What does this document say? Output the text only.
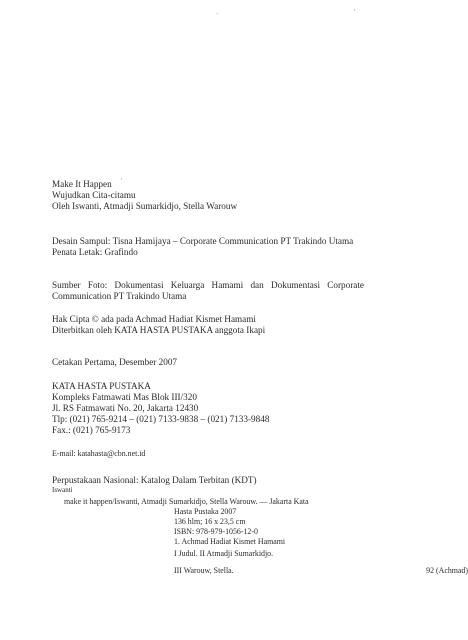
'
·
'
Make It Happen
Wujudkan Cita-citamu
Oleh Iswanti, Atmadji Sumarkidjo, Stella Warouw
Desain Sampul: Tisna Hamijaya – Corporate Communication PT Trakindo Utama
Penata Letak: Grafindo
Sumber Foto: Dokumentasi Keluarga Hamami dan Dokumentasi Corporate Communication PT Trakindo Utama
Hak Cipta © ada pada Achmad Hadiat Kismet Hamami
Diterbitkan oleh KATA HASTA PUSTAKA anggota Ikapi
Cetakan Pertama, Desember 2007
KATA HASTA PUSTAKA
Kompleks Fatmawati Mas Blok III/320
Jl. RS Fatmawati No. 20, Jakarta 12430
Tlp: (021) 765-9214 – (021) 7133-9838 – (021) 7133-9848
Fax.: (021) 765-9173
E-mail: katahasta@cbn.net.id
Perpustakaan Nasional: Katalog Dalam Terbitan (KDT)
Iswanti
make it happen/Iswanti, Atmadji Sumarkidjo, Stella Warouw. — Jakarta Kata
Hasta Pustaka 2007
136 hlm; 16 x 23,5 cm
ISBN: 978-979-1056-12-0
1. Achmad Hadiat Kismet Hamami
I Judul. II Atmadji Sumarkidjo.
III Warouw, Stella.	92 (Achmad)
